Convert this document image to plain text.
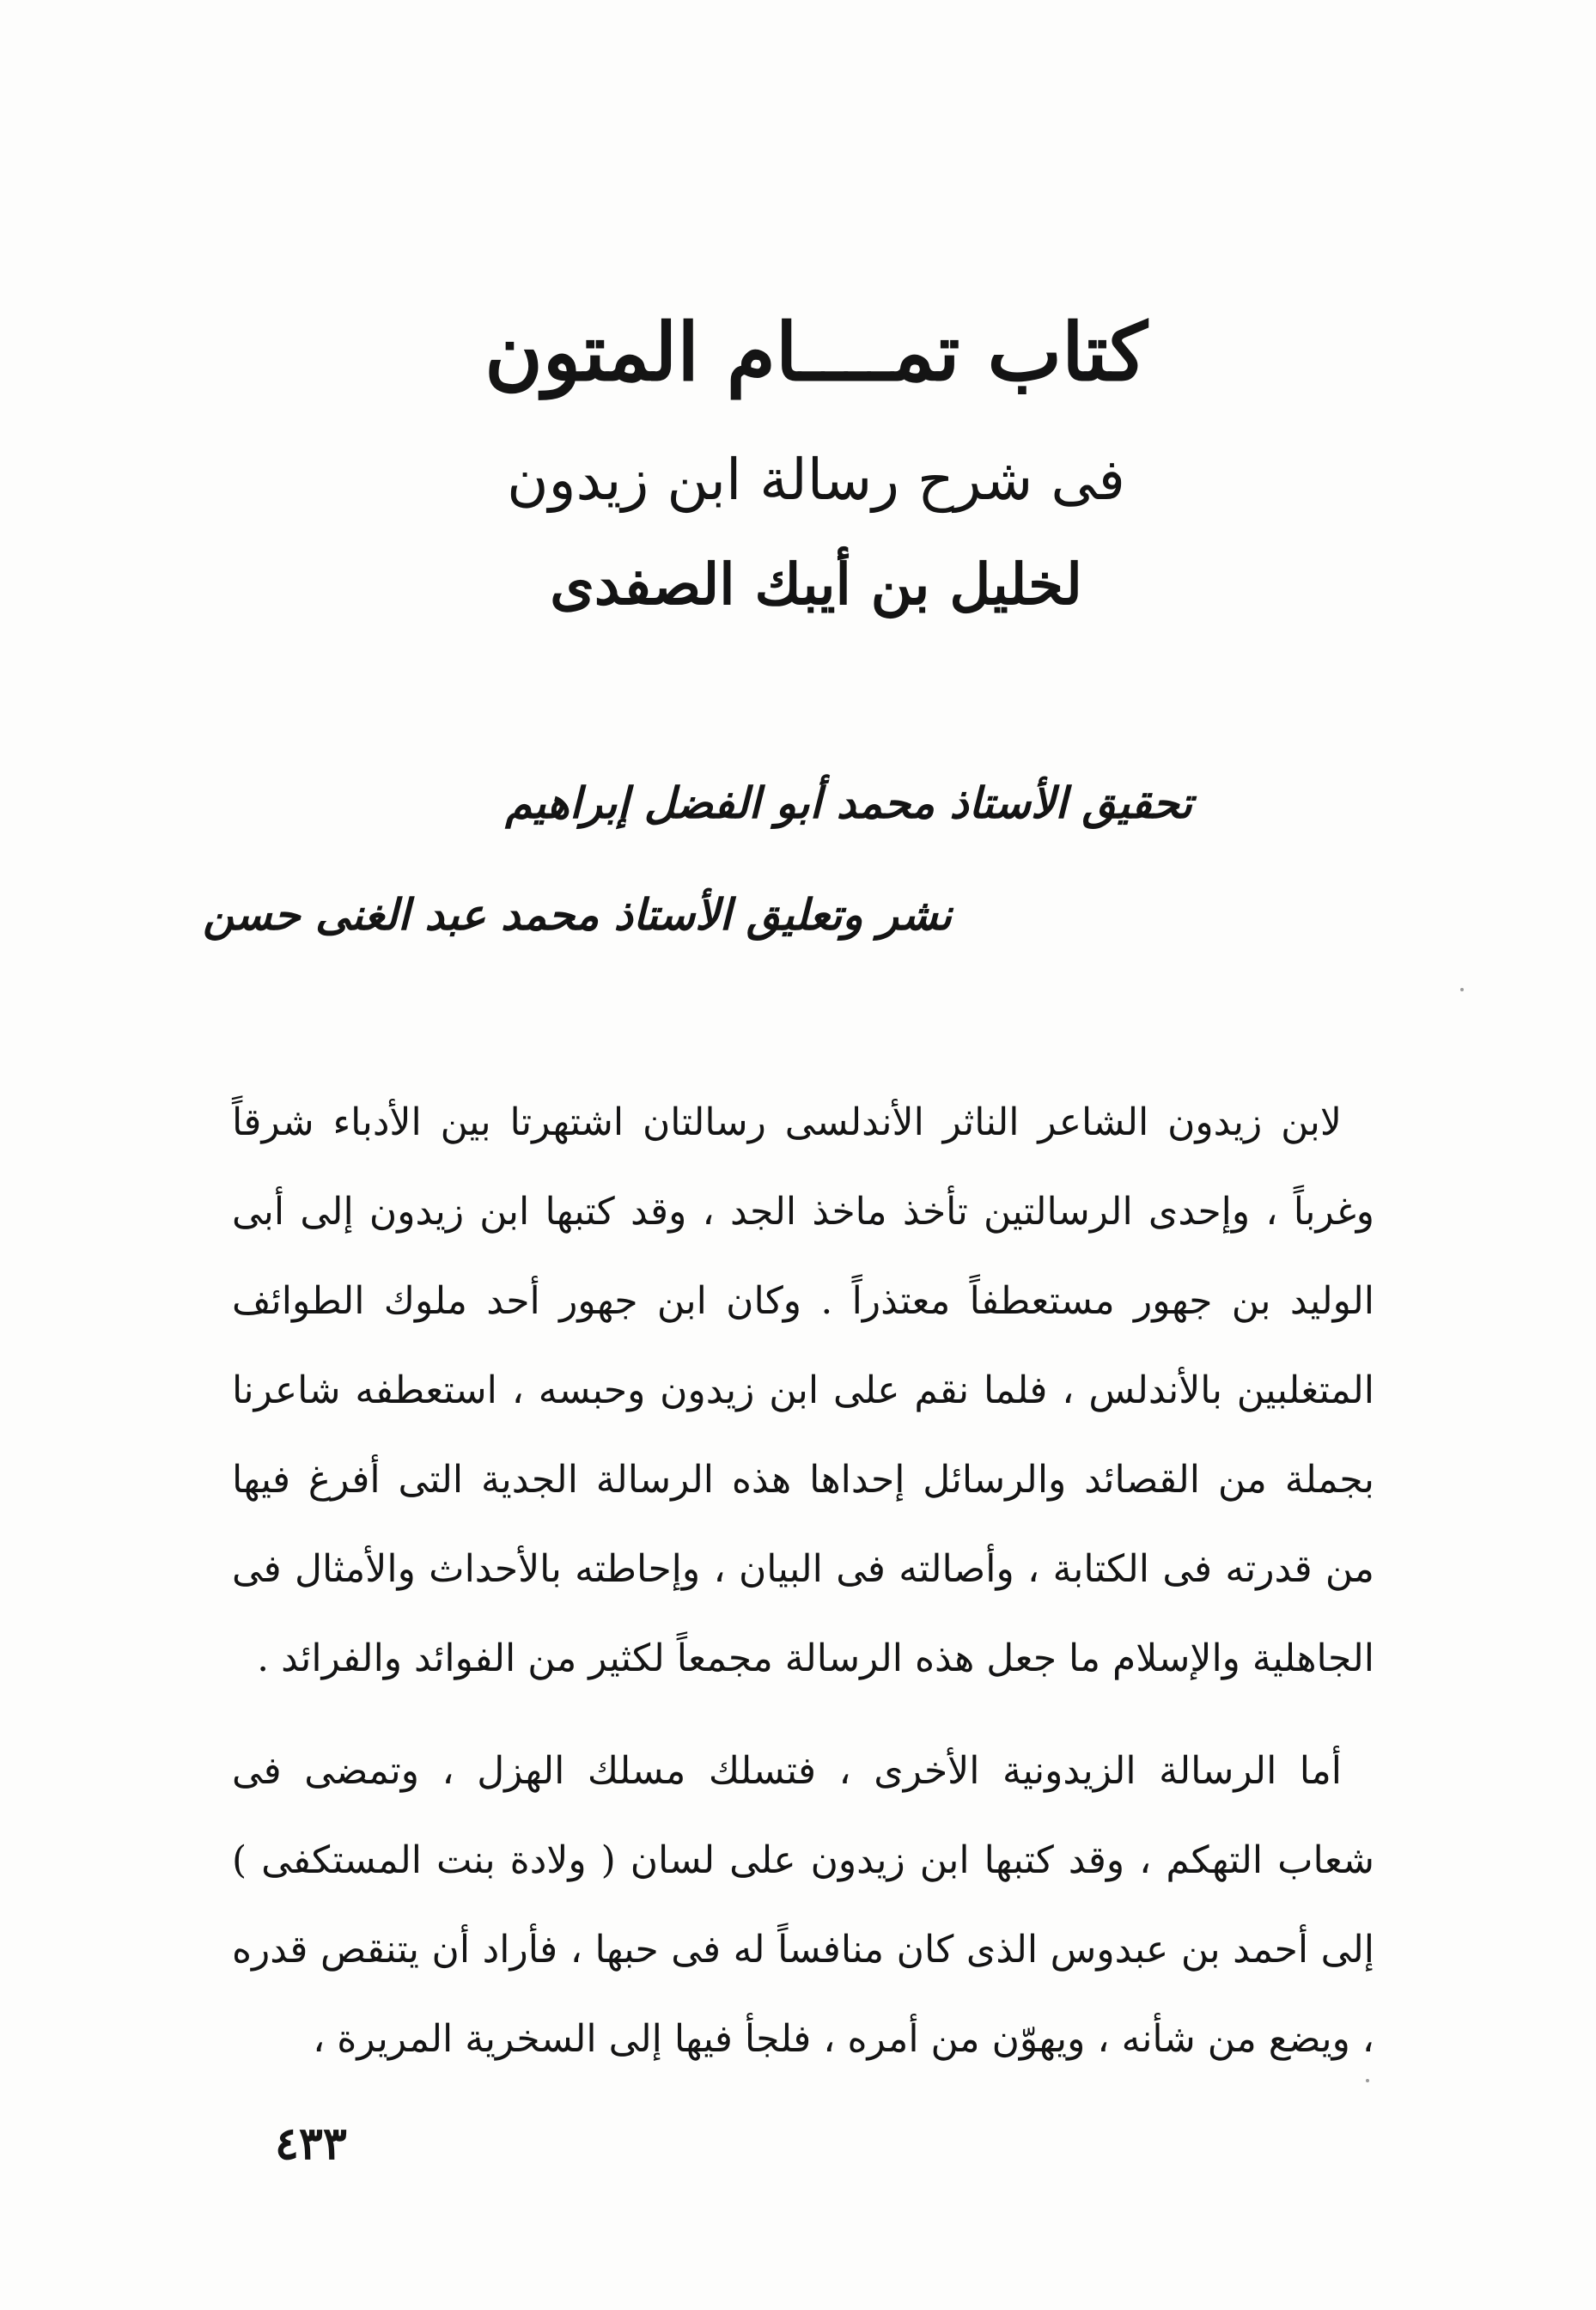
كتاب تمــــام المتون
فى شرح رسالة ابن زيدون
لخليل بن أيبك الصفدى
تحقيق الأستاذ محمد أبو الفضل إبراهيم
نشر وتعليق الأستاذ محمد عبد الغنى حسن

لابن زيدون الشاعر الناثر الأندلسى رسالتان اشتهرتا بين الأدباء شرقاً وغرباً ، وإحدى الرسالتين تأخذ ماخذ الجد ، وقد كتبها ابن زيدون إلى أبى الوليد بن جهور مستعطفاً معتذراً . وكان ابن جهور أحد ملوك الطوائف المتغلبين بالأندلس ، فلما نقم على ابن زيدون وحبسه ، استعطفه شاعرنا بجملة من القصائد والرسائل إحداها هذه الرسالة الجدية التى أفرغ فيها من قدرته فى الكتابة ، وأصالته فى البيان ، وإحاطته بالأحداث والأمثال فى الجاهلية والإسلام ما جعل هذه الرسالة مجمعاً لكثير من الفوائد والفرائد .

أما الرسالة الزيدونية الأخرى ، فتسلك مسلك الهزل ، وتمضى فى شعاب التهكم ، وقد كتبها ابن زيدون على لسان ( ولادة بنت المستكفى ) إلى أحمد بن عبدوس الذى كان منافساً له فى حبها ، فأراد أن يتنقص قدره ، ويضع من شأنه ، ويهوّن من أمره ، فلجأ فيها إلى السخرية المريرة ،

٤٣٣
